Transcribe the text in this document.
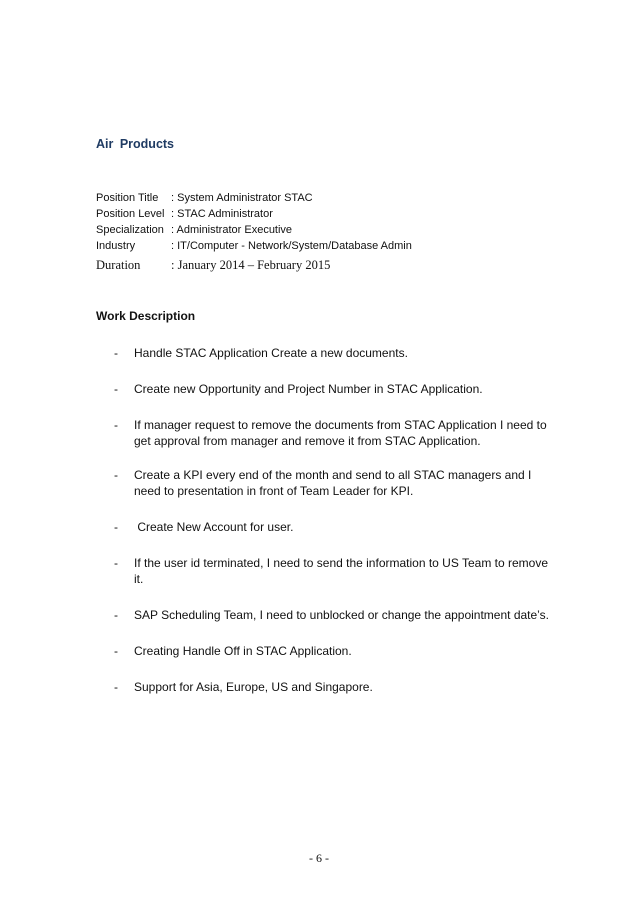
Air Products
Position Title	: System Administrator STAC
Position Level : STAC Administrator
Specialization : Administrator Executive
Industry	: IT/Computer - Network/System/Database Admin
Duration	: January 2014 – February 2015
Work Description
-	Handle STAC Application Create a new documents.
-	Create new Opportunity and Project Number in STAC Application.
-	If manager request to remove the documents from STAC Application I need to get approval from manager and remove it from STAC Application.
-	Create a KPI every end of the month and send to all STAC managers and I need to presentation in front of Team Leader for KPI.
-	Create New Account for user.
-	If the user id terminated, I need to send the information to US Team to remove it.
-	SAP Scheduling Team, I need to unblocked or change the appointment date’s.
-	Creating Handle Off in STAC Application.
-	Support for Asia, Europe, US and Singapore.
- 6 -
